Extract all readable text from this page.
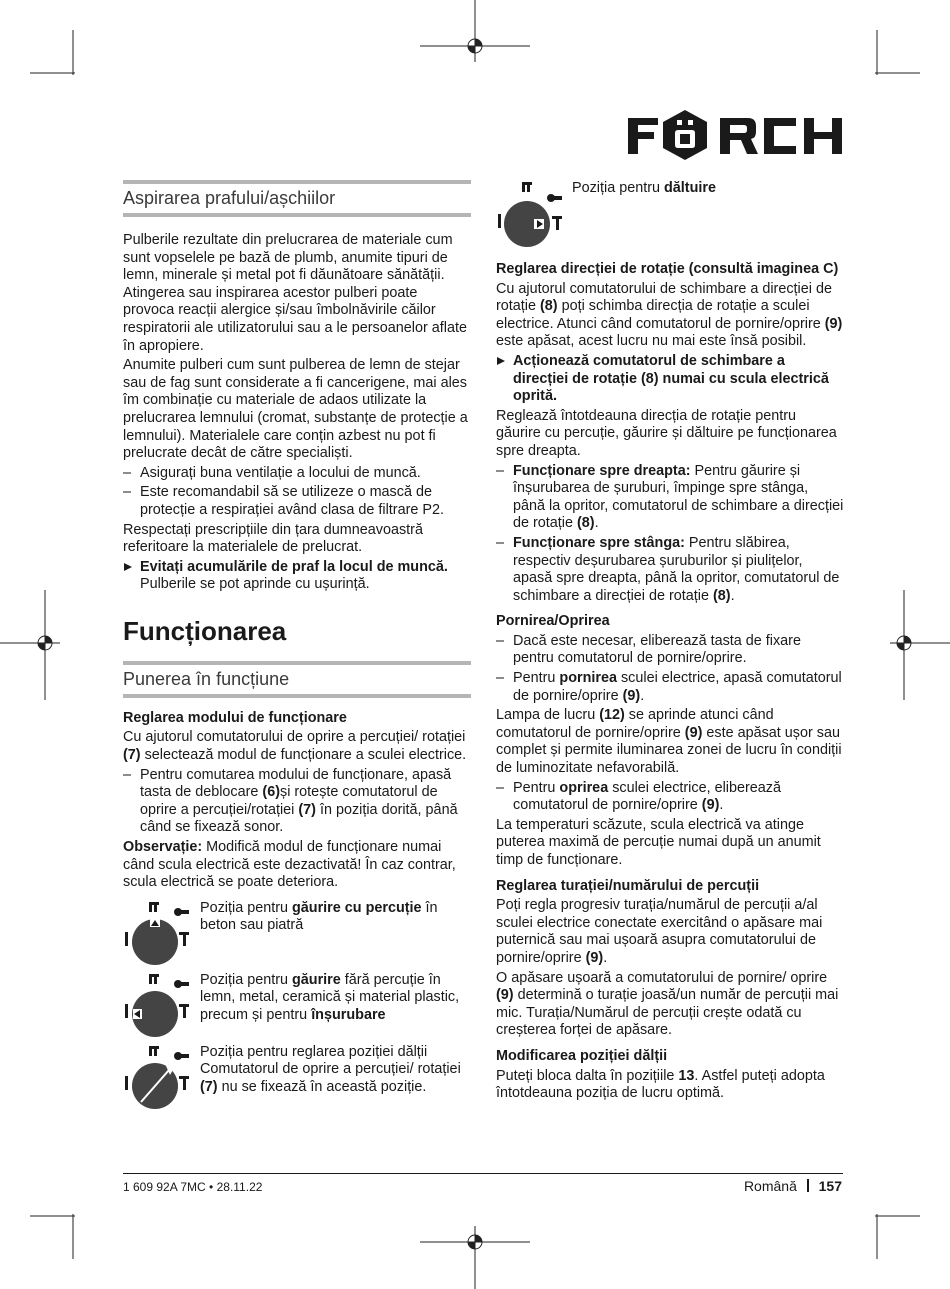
Aspirarea prafului/așchiilor

Pulberile rezultate din prelucrarea de materiale cum sunt vopselele pe bază de plumb, anumite tipuri de lemn, minerale și metal pot fi dăunătoare sănătății. Atingerea sau inspirarea acestor pulberi poate provoca reacții alergice și/sau îmbolnăvirile căilor respiratorii ale utilizatorului sau a le persoanelor aflate în apropiere.

Anumite pulberi cum sunt pulberea de lemn de stejar sau de fag sunt considerate a fi cancerigene, mai ales îm combinație cu materiale de adaos utilizate la prelucrarea lemnului (cromat, substanțe de protecție a lemnului). Materialele care conțin azbest nu pot fi prelucrate decât de către specialiști.

– Asigurați buna ventilație a locului de muncă.

– Este recomandabil să se utilizeze o mască de protecție a respirației având clasa de filtrare P2.

Respectați prescripțiile din țara dumneavoastră referitoare la materialele de prelucrat.

Evitați acumulările de praf la locul de muncă.
Pulberile se pot aprinde cu ușurință.
Funcționarea
Punerea în funcțiune

Reglarea modului de funcționare

Cu ajutorul comutatorului de oprire a percuției/ rotației (7) selectează modul de funcționare a sculei electrice.

– Pentru comutarea modului de funcționare, apasă tasta de deblocare (6)și rotește comutatorul de oprire a percuției/rotației (7) în poziția dorită, până când se fixează sonor.

Observație: Modifică modul de funcționare numai când scula electrică este dezactivată! În caz contrar, scula electrică se poate deteriora.

Poziția pentru găurire cu percuție în beton sau piatră

Poziția pentru găurire fără percuție în lemn, metal, ceramică și material plastic, precum și pentru înșurubare

Poziția pentru reglarea poziției dălții Comutatorul de oprire a percuției/ rotației (7) nu se fixează în această poziție.

Poziția pentru dăltuire

Reglarea direcției de rotație (consultă imaginea C)

Cu ajutorul comutatorului de schimbare a direcției de rotație (8) poți schimba direcția de rotație a sculei electrice. Atunci când comutatorul de pornire/oprire (9) este apăsat, acest lucru nu mai este însă posibil.

Acționează comutatorul de schimbare a direcției de rotație (8) numai cu scula electrică oprită.

Reglează întotdeauna direcția de rotație pentru găurire cu percuție, găurire și dăltuire pe funcționarea spre dreapta.

– Funcționare spre dreapta: Pentru găurire și înșurubarea de șuruburi, împinge spre stânga, până la opritor, comutatorul de schimbare a direcției de rotație (8).

– Funcționare spre stânga: Pentru slăbirea, respectiv deșurubarea șuruburilor și piulițelor, apasă spre dreapta, până la opritor, comutatorul de schimbare a direcției de rotație (8).

Pornirea/Oprirea

– Dacă este necesar, eliberează tasta de fixare pentru comutatorul de pornire/oprire.

– Pentru pornirea sculei electrice, apasă comutatorul de pornire/oprire (9).

Lampa de lucru (12) se aprinde atunci când comutatorul de pornire/oprire (9) este apăsat ușor sau complet și permite iluminarea zonei de lucru în condiții de luminozitate nefavorabilă.

– Pentru oprirea sculei electrice, eliberează comutatorul de pornire/oprire (9).

La temperaturi scăzute, scula electrică va atinge puterea maximă de percuție numai după un anumit timp de funcționare.

Reglarea turației/numărului de percuții

Poți regla progresiv turația/numărul de percuții a/al sculei electrice conectate exercitând o apăsare mai puternică sau mai ușoară asupra comutatorului de pornire/oprire (9).

O apăsare ușoară a comutatorului de pornire/ oprire (9) determină o turație joasă/un număr de percuții mai mic. Turația/Numărul de percuții crește odată cu creșterea forței de apăsare.

Modificarea poziției dălții

Puteți bloca dalta în pozițiile 13. Astfel puteți adopta întotdeauna poziția de lucru optimă.

1 609 92A 7MC • 28.11.22	Română 157
